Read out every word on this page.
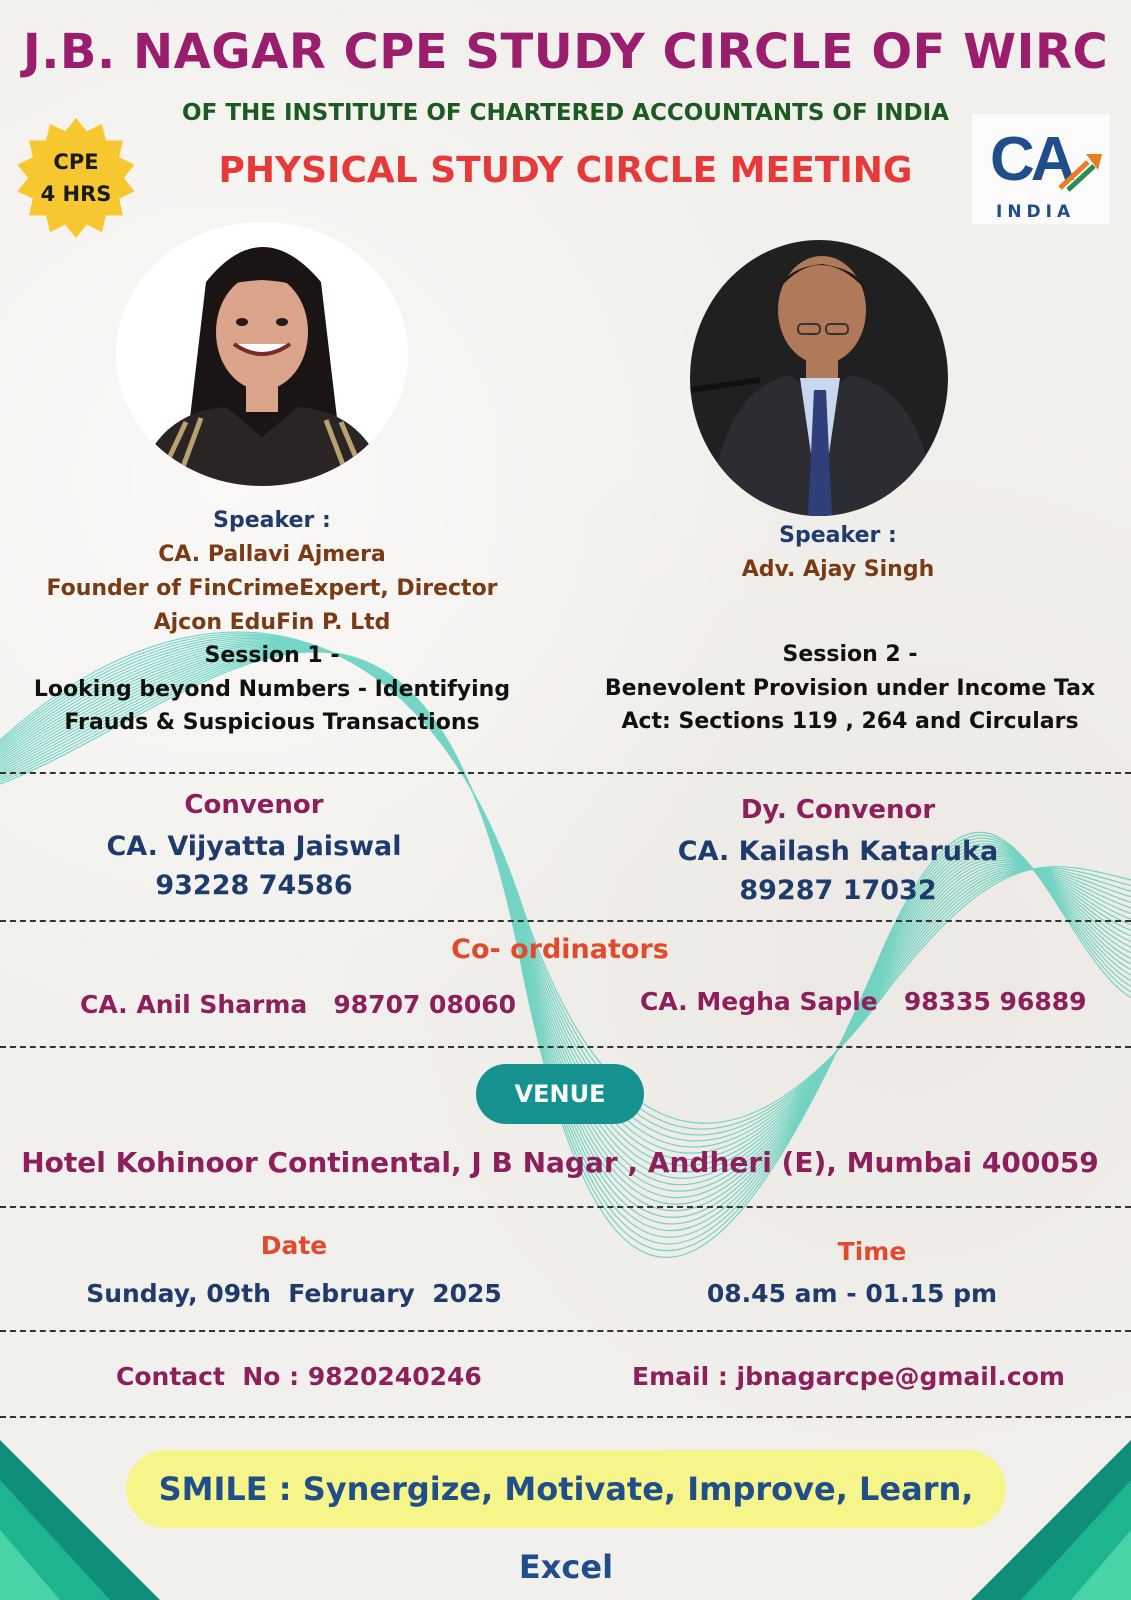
J.B. NAGAR CPE STUDY CIRCLE OF WIRC
OF THE INSTITUTE OF CHARTERED ACCOUNTANTS OF INDIA
PHYSICAL STUDY CIRCLE MEETING
CPE
4 HRS	CA
INDIA
Speaker :
CA. Pallavi Ajmera
Founder of FinCrimeExpert, Director
Ajcon EduFin P. Ltd
Session 1 -
Looking beyond Numbers - Identifying
Frauds & Suspicious Transactions
Speaker :
Adv. Ajay Singh
Session 2 -
Benevolent Provision under Income Tax
Act: Sections 119 , 264 and Circulars
Convenor
CA. Vijyatta Jaiswal
93228 74586
Dy. Convenor
CA. Kailash Kataruka
89287 17032
Co- ordinators
CA. Anil Sharma   98707 08060	CA. Megha Saple   98335 96889
VENUE
Hotel Kohinoor Continental, J B Nagar , Andheri (E), Mumbai 400059
Date
Sunday, 09th  February  2025
Time
08.45 am - 01.15 pm
Contact  No : 9820240246	Email : jbnagarcpe@gmail.com
SMILE : Synergize, Motivate, Improve, Learn, Excel
